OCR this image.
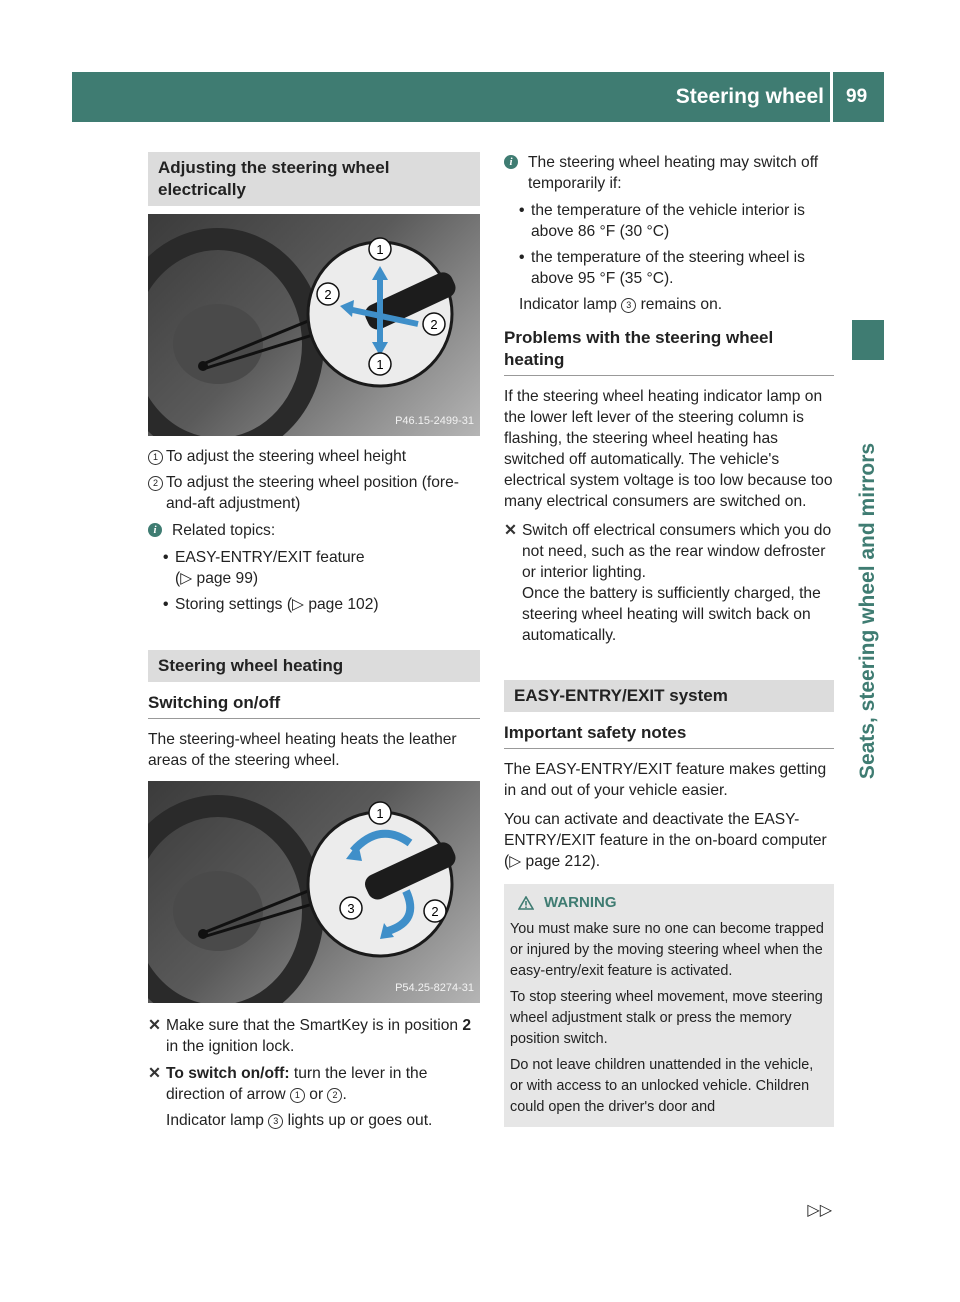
Steering wheel 99
Seats, steering wheel and mirrors
Adjusting the steering wheel electrically
1
2
2
1
P46.15-2499-31
1 To adjust the steering wheel height
2 To adjust the steering wheel position (fore-and-aft adjustment)
i Related topics:
• EASY-ENTRY/EXIT feature
(▷ page 99)
• Storing settings (▷ page 102)
Steering wheel heating
Switching on/off

The steering-wheel heating heats the leather areas of the steering wheel.

1
3	2
P54.25-8274-31
✕ Make sure that the SmartKey is in position 2 in the ignition lock.
✕ To switch on/off: turn the lever in the direction of arrow 1 or 2 .
Indicator lamp 3 lights up or goes out.
i The steering wheel heating may switch off temporarily if:
• the temperature of the vehicle interior is above 86 °F (30 °C)
• the temperature of the steering wheel is above 95 °F (35 °C).

Indicator lamp 3 remains on.

Problems with the steering wheel heating

If the steering wheel heating indicator lamp on the lower left lever of the steering column is flashing, the steering wheel heating has switched off automatically. The vehicle's electrical system voltage is too low because too many electrical consumers are switched on.

✕ Switch off electrical consumers which you do not need, such as the rear window defroster or interior lighting.
Once the battery is sufficiently charged, the steering wheel heating will switch back on automatically.
EASY-ENTRY/EXIT system
Important safety notes

The EASY-ENTRY/EXIT feature makes getting in and out of your vehicle easier.

You can activate and deactivate the EASY-ENTRY/EXIT feature in the on-board computer (▷ page 212).

WARNING

You must make sure no one can become trapped or injured by the moving steering wheel when the easy-entry/exit feature is activated.

To stop steering wheel movement, move steering wheel adjustment stalk or press the memory position switch.

Do not leave children unattended in the vehicle, or with access to an unlocked vehicle. Children could open the driver's door and

▷▷
